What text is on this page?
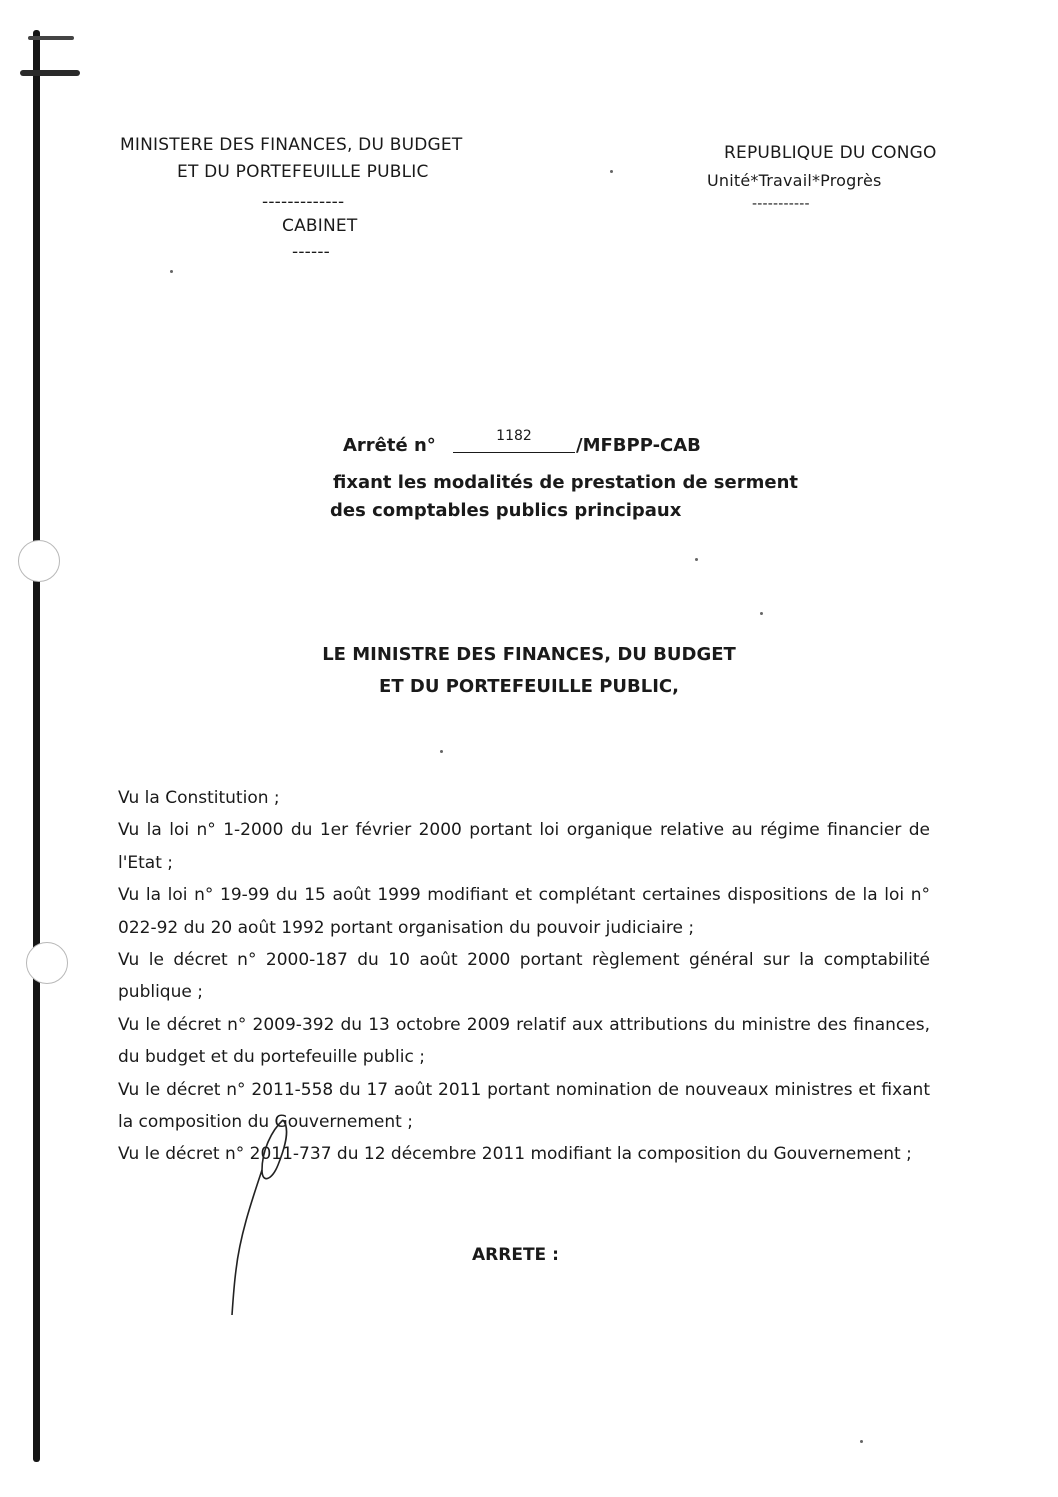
MINISTERE DES FINANCES, DU BUDGET
ET DU PORTEFEUILLE PUBLIC
-------------
CABINET
------
REPUBLIQUE DU CONGO
Unité*Travail*Progrès
-----------
Arrêté n°	1182	/MFBPP-CAB
fixant les modalités de prestation de serment
des comptables publics principaux
LE MINISTRE DES FINANCES, DU BUDGET
ET DU PORTEFEUILLE PUBLIC,
Vu la Constitution ;
Vu la loi n° 1-2000 du 1er février 2000 portant loi organique relative au régime financier de l'Etat ;
Vu la loi n° 19-99 du 15 août 1999 modifiant et complétant certaines dispositions de la loi n° 022-92 du 20 août 1992 portant organisation du pouvoir judiciaire ;
Vu le décret n° 2000-187 du 10 août 2000 portant règlement général sur la comptabilité publique ;
Vu le décret n° 2009-392 du 13 octobre 2009 relatif aux attributions du ministre des finances, du budget et du portefeuille public ;
Vu le décret n° 2011-558 du 17 août 2011 portant nomination de nouveaux ministres et fixant la composition du Gouvernement ;
Vu le décret n° 2011-737 du 12 décembre 2011 modifiant la composition du Gouvernement ;
ARRETE :
